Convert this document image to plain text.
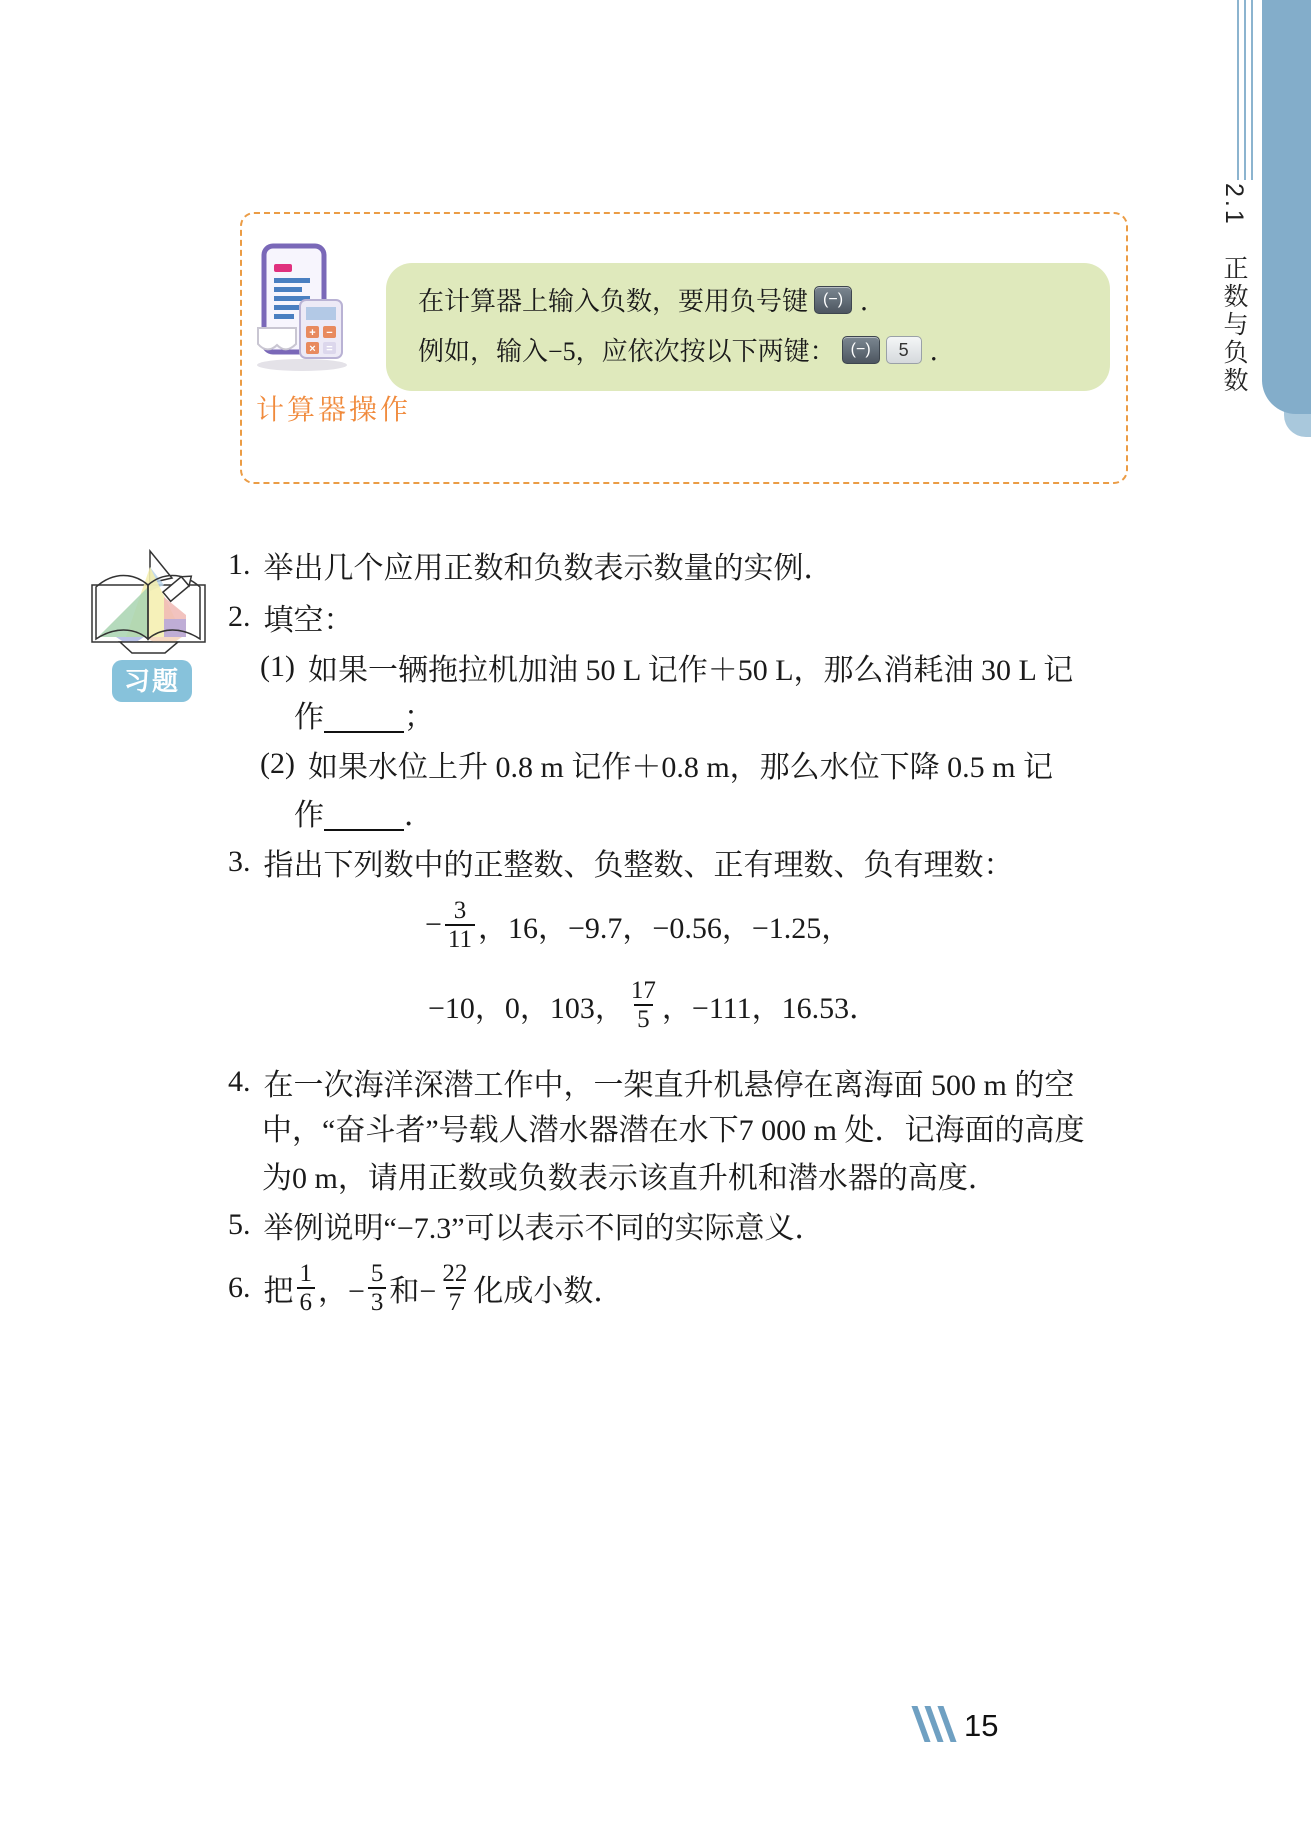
2.1　正数与负数
+ −
× =
计算器操作
在计算器上输入负数，要用负号键 (−) ．
例如，输入−5，应依次按以下两键： (−)	5 ．
习题
1. 举出几个应用正数和负数表示数量的实例．
2. 填空：
(1) 如果一辆拖拉机加油 50 L 记作＋50 L，那么消耗油 30 L 记
作	；
(2) 如果水位上升 0.8 m 记作＋0.8 m，那么水位下降 0.5 m 记
作	．
3. 指出下列数中的正整数、负整数、正有理数、负有理数：
− $\frac{3}{11}$ ，16，−9.7，−0.56，−1.25，
−10，0，103， $\frac{17}{5}$ ，−111，16.53．
4. 在一次海洋深潜工作中，一架直升机悬停在离海面 500 m 的空
中，“奋斗者”号载人潜水器潜在水下7 000 m 处．记海面的高度
为0 m，请用正数或负数表示该直升机和潜水器的高度．
5. 举例说明“−7.3”可以表示不同的实际意义．
6. 把 $\frac{1}{6}$ ，− $\frac{5}{3}$ 和− $\frac{22}{7}$ 化成小数．
15
